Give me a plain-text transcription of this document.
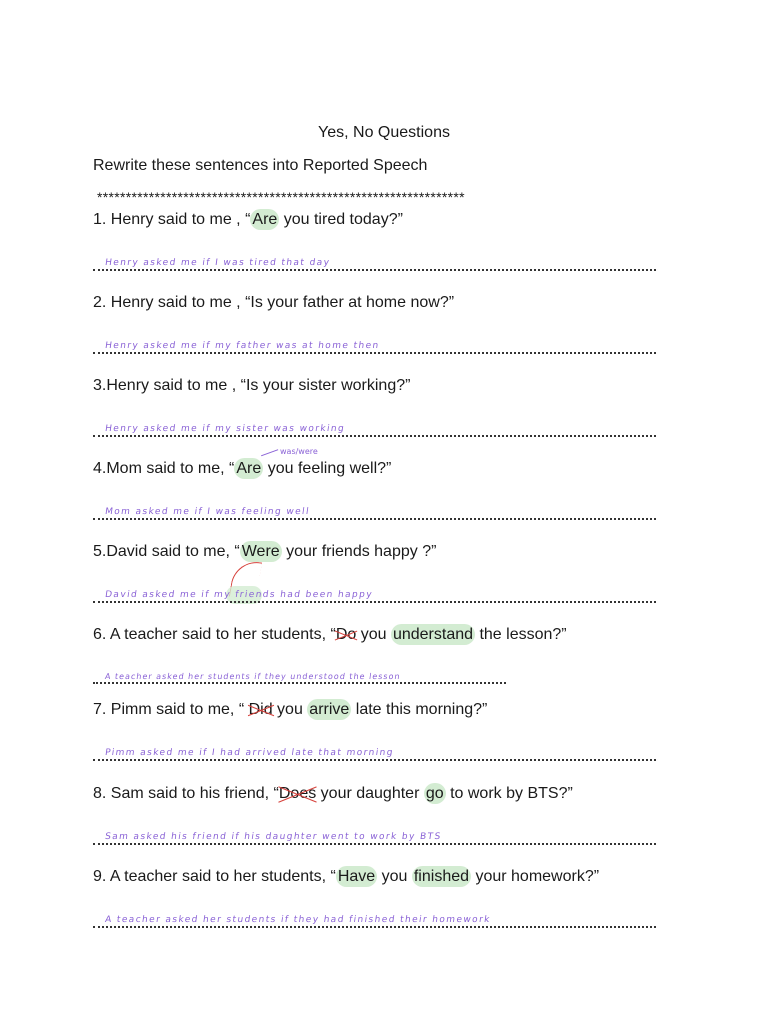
Yes, No Questions
Rewrite these sentences into Reported Speech
****************************************************************
1. Henry said to me , “ Are you tired today?”
Henry asked me if I was tired that day
2. Henry said to me , “Is your father at home now?”
Henry asked me if my father was at home then
3.Henry said to me , “Is your sister working?”
Henry asked me if my sister was working
was/were
4.Mom said to me, “ Are you feeling well?”
Mom asked me if I was feeling well
5.David said to me, “ Were your friends happy ?”
David asked me if my friends had been happy
6. A teacher said to her students, “Do you understand the lesson?”
A teacher asked her students if they understood the lesson
7. Pimm said to me, “ Did you arrive late this morning?”
Pimm asked me if I had arrived late that morning
8. Sam said to his friend, “Does your daughter go to work by BTS?”
Sam asked his friend if his daughter went to work by BTS
9. A teacher said to her students, “ Have you finished your homework?”
A teacher asked her students if they had finished their homework
